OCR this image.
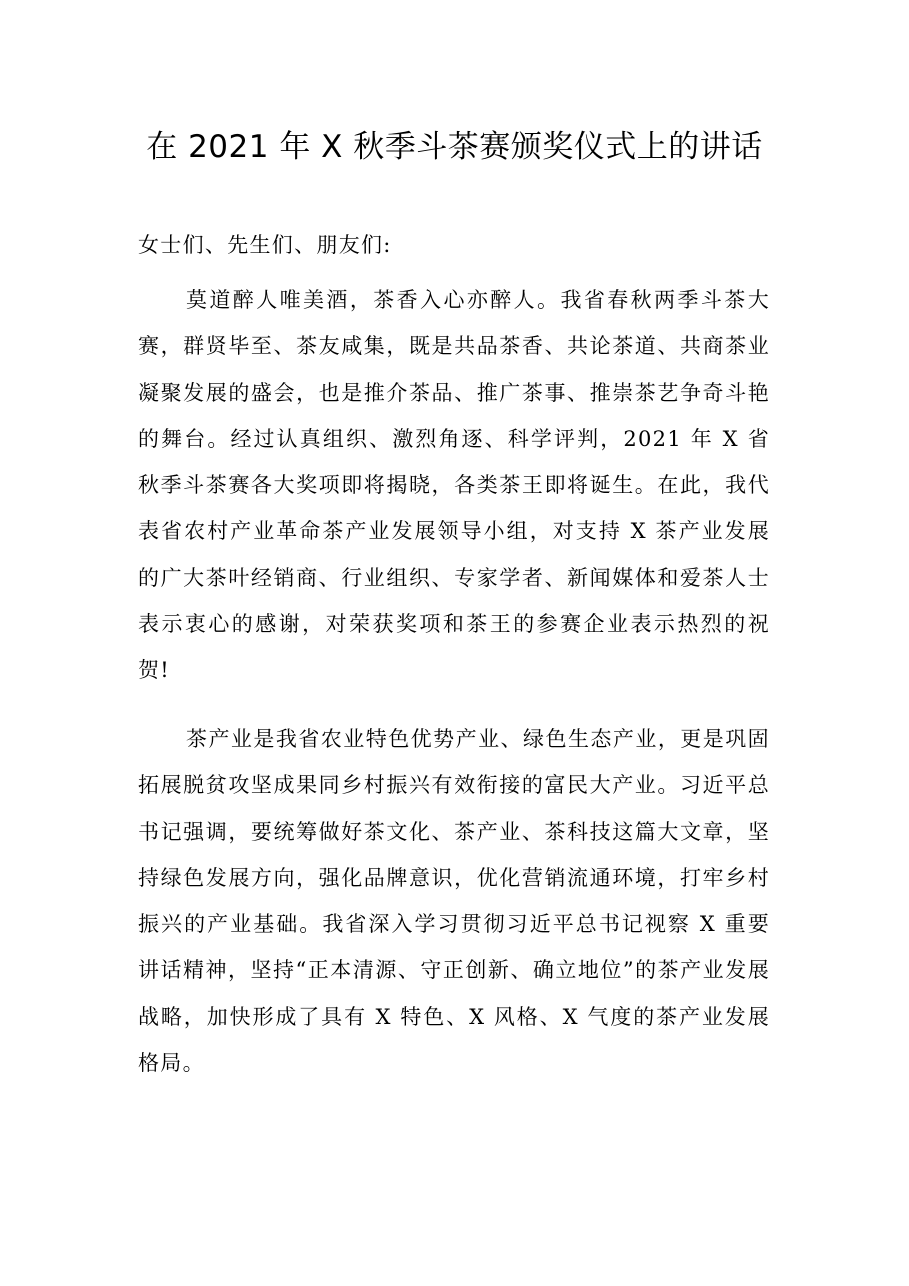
在 2021 年 X 秋季斗茶赛颁奖仪式上的讲话

女士们、先生们、朋友们:

莫道醉人唯美酒，茶香入心亦醉人。我省春秋两季斗茶大赛，群贤毕至、茶友咸集，既是共品茶香、共论茶道、共商茶业凝聚发展的盛会，也是推介茶品、推广茶事、推崇茶艺争奇斗艳的舞台。经过认真组织、激烈角逐、科学评判，2021 年 X 省秋季斗茶赛各大奖项即将揭晓，各类茶王即将诞生。在此，我代表省农村产业革命茶产业发展领导小组，对支持 X 茶产业发展的广大茶叶经销商、行业组织、专家学者、新闻媒体和爱茶人士表示衷心的感谢，对荣获奖项和茶王的参赛企业表示热烈的祝贺!

茶产业是我省农业特色优势产业、绿色生态产业，更是巩固拓展脱贫攻坚成果同乡村振兴有效衔接的富民大产业。习近平总书记强调，要统筹做好茶文化、茶产业、茶科技这篇大文章，坚持绿色发展方向，强化品牌意识，优化营销流通环境，打牢乡村振兴的产业基础。我省深入学习贯彻习近平总书记视察 X 重要讲话精神，坚持“正本清源、守正创新、确立地位”的茶产业发展战略，加快形成了具有 X 特色、X 风格、X 气度的茶产业发展格局。
